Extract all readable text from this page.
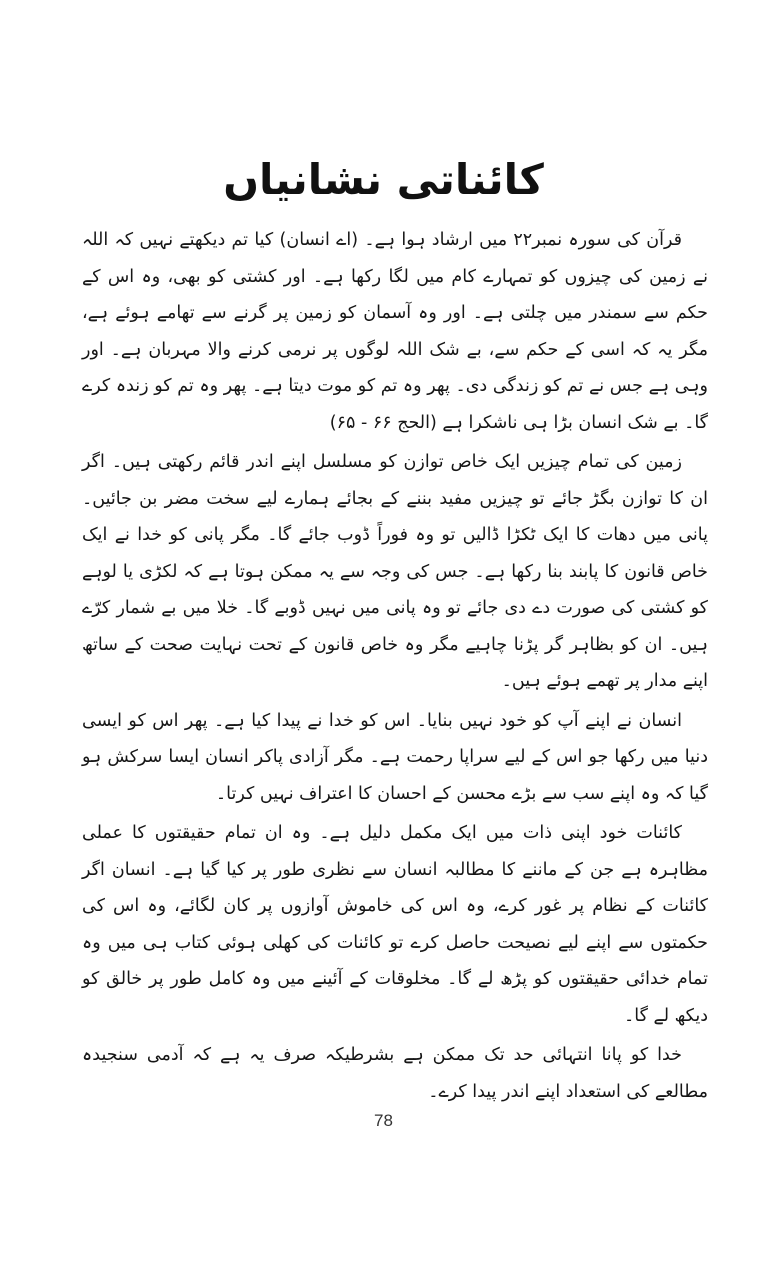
کائناتی نشانیاں

قرآن کی سورہ نمبر۲۲ میں ارشاد ہوا ہے۔ (اے انسان) کیا تم دیکھتے نہیں کہ اللہ نے زمین کی چیزوں کو تمہارے کام میں لگا رکھا ہے۔ اور کشتی کو بھی، وہ اس کے حکم سے سمندر میں چلتی ہے۔ اور وہ آسمان کو زمین پر گرنے سے تھامے ہوئے ہے، مگر یہ کہ اسی کے حکم سے، بے شک اللہ لوگوں پر نرمی کرنے والا مہربان ہے۔ اور وہی ہے جس نے تم کو زندگی دی۔ پھر وہ تم کو موت دیتا ہے۔ پھر وہ تم کو زندہ کرے گا۔ بے شک انسان بڑا ہی ناشکرا ہے (الحج ۶۶ - ۶۵)

زمین کی تمام چیزیں ایک خاص توازن کو مسلسل اپنے اندر قائم رکھتی ہیں۔ اگر ان کا توازن بگڑ جائے تو چیزیں مفید بننے کے بجائے ہمارے لیے سخت مضر بن جائیں۔ پانی میں دھات کا ایک ٹکڑا ڈالیں تو وہ فوراً ڈوب جائے گا۔ مگر پانی کو خدا نے ایک خاص قانون کا پابند بنا رکھا ہے۔ جس کی وجہ سے یہ ممکن ہوتا ہے کہ لکڑی یا لوہے کو کشتی کی صورت دے دی جائے تو وہ پانی میں نہیں ڈوبے گا۔ خلا میں بے شمار کرّے ہیں۔ ان کو بظاہر گر پڑنا چاہیے مگر وہ خاص قانون کے تحت نہایت صحت کے ساتھ اپنے مدار پر تھمے ہوئے ہیں۔

انسان نے اپنے آپ کو خود نہیں بنایا۔ اس کو خدا نے پیدا کیا ہے۔ پھر اس کو ایسی دنیا میں رکھا جو اس کے لیے سراپا رحمت ہے۔ مگر آزادی پاکر انسان ایسا سرکش ہو گیا کہ وہ اپنے سب سے بڑے محسن کے احسان کا اعتراف نہیں کرتا۔

کائنات خود اپنی ذات میں ایک مکمل دلیل ہے۔ وہ ان تمام حقیقتوں کا عملی مظاہرہ ہے جن کے ماننے کا مطالبہ انسان سے نظری طور پر کیا گیا ہے۔ انسان اگر کائنات کے نظام پر غور کرے، وہ اس کی خاموش آوازوں پر کان لگائے، وہ اس کی حکمتوں سے اپنے لیے نصیحت حاصل کرے تو کائنات کی کھلی ہوئی کتاب ہی میں وہ تمام خدائی حقیقتوں کو پڑھ لے گا۔ مخلوقات کے آئینے میں وہ کامل طور پر خالق کو دیکھ لے گا۔

خدا کو پانا انتہائی حد تک ممکن ہے بشرطیکہ صرف یہ ہے کہ آدمی سنجیدہ مطالعے کی استعداد اپنے اندر پیدا کرے۔

78
